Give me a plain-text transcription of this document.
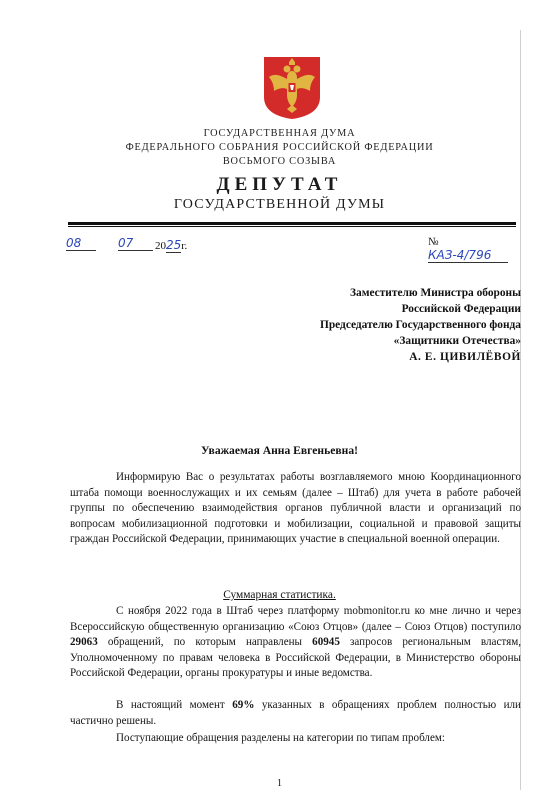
ГОСУДАРСТВЕННАЯ ДУМА
ФЕДЕРАЛЬНОГО СОБРАНИЯ РОССИЙСКОЙ ФЕДЕРАЦИИ
ВОСЬМОГО СОЗЫВА
ДЕПУТАТ
ГОСУДАРСТВЕННОЙ ДУМЫ
08	07	2025г.	№ КАЗ-4/796
Заместителю Министра обороны
Российской Федерации
Председателю Государственного фонда
«Защитники Отечества»
А. Е. ЦИВИЛЁВОЙ
Уважаемая Анна Евгеньевна!
Информирую Вас о результатах работы возглавляемого мною Координационного штаба помощи военнослужащих и их семьям (далее – Штаб) для учета в работе рабочей группы по обеспечению взаимодействия органов публичной власти и организаций по вопросам мобилизационной подготовки и мобилизации, социальной и правовой защиты граждан Российской Федерации, принимающих участие в специальной военной операции.
Суммарная статистика.
С ноября 2022 года в Штаб через платформу mobmonitor.ru ко мне лично и через Всероссийскую общественную организацию «Союз Отцов» (далее – Союз Отцов) поступило 29063 обращений, по которым направлены 60945 запросов региональным властям, Уполномоченному по правам человека в Российской Федерации, в Министерство обороны Российской Федерации, органы прокуратуры и иные ведомства.
В настоящий момент 69% указанных в обращениях проблем полностью или частично решены.
Поступающие обращения разделены на категории по типам проблем:
1
